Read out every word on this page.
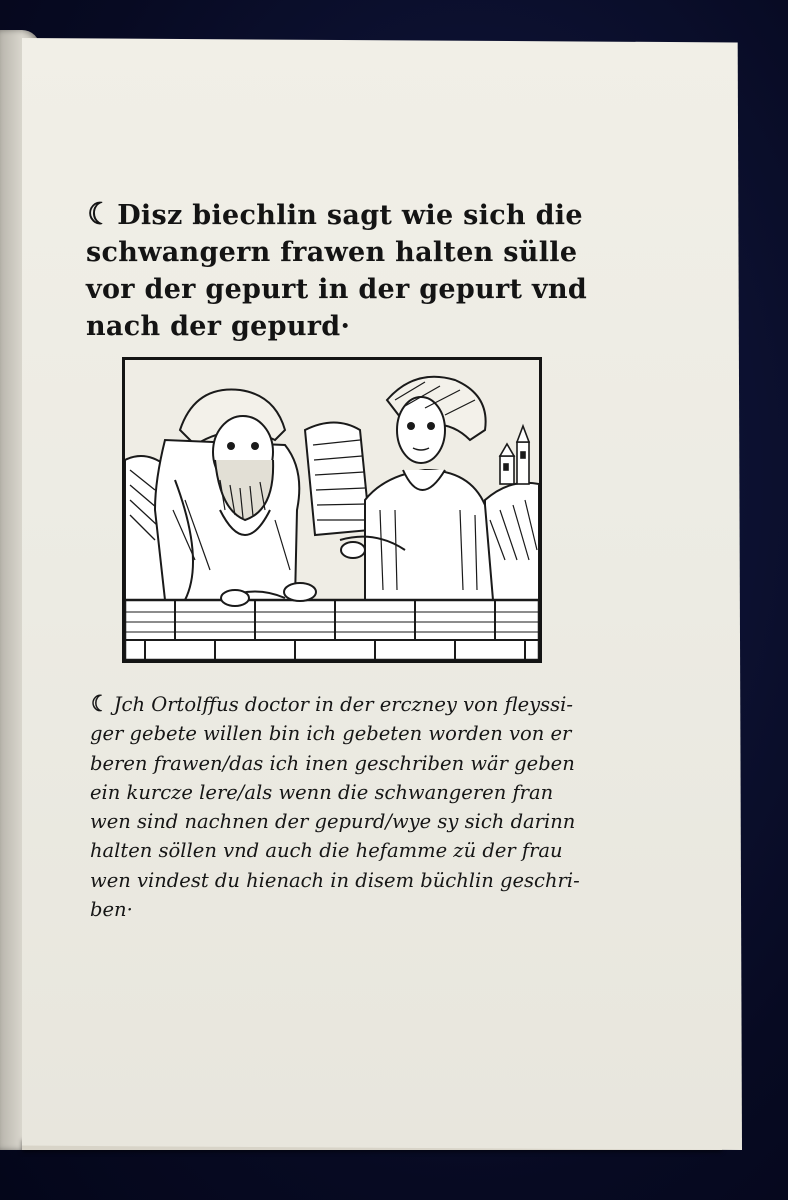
☾ Disz biechlin sagt wie sich die
schwangern frawen halten sülle
vor der gepurt in der gepurt vnd
nach der gepurd·
☾ Jch Ortolffus doctor in der erczney von fleyssi-
ger gebete willen bin ich gebeten worden von er
beren frawen/das ich inen geschriben wär geben
ein kurcze lere/als wenn die schwangeren fran
wen sind nachnen der gepurd/wye sy sich darinn
halten söllen vnd auch die hefamme zü der frau
wen vindest du hienach in disem büchlin geschri-
ben·
